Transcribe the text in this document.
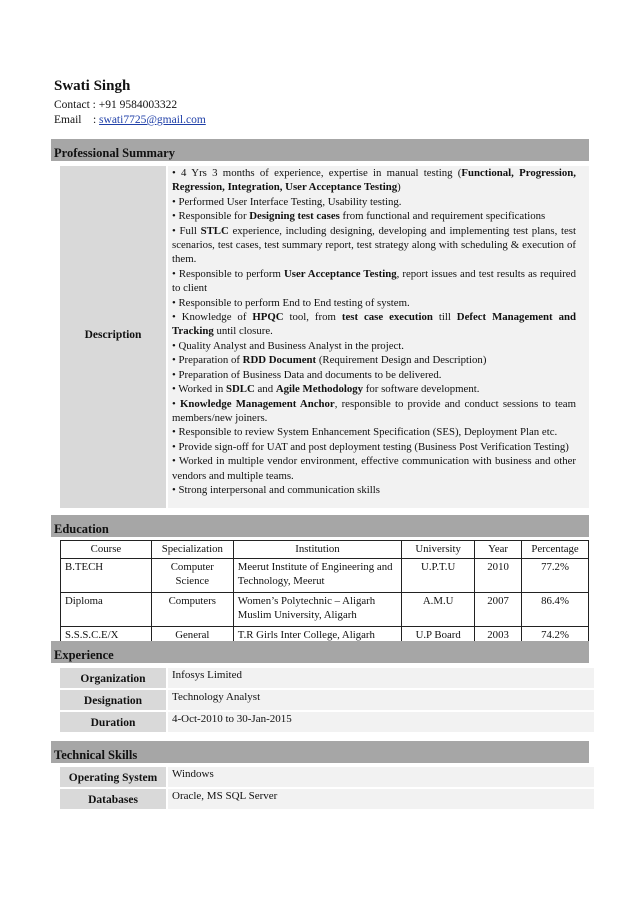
Swati Singh
Contact : +91 9584003322
Email    : swati7725@gmail.com
Professional Summary
Description

• 4 Yrs 3 months of experience, expertise in manual testing (Functional, Progression, Regression, Integration, User Acceptance Testing)

• Performed User Interface Testing, Usability testing.

• Responsible for Designing test cases from functional and requirement specifications

• Full STLC experience, including designing, developing and implementing test plans, test scenarios, test cases, test summary report, test strategy along with scheduling & execution of them.

• Responsible to perform User Acceptance Testing, report issues and test results as required to client

• Responsible to perform End to End testing of system.

• Knowledge of HPQC tool, from test case execution till Defect Management and Tracking until closure.

• Quality Analyst and Business Analyst in the project.

• Preparation of RDD Document (Requirement Design and Description)

• Preparation of Business Data and documents to be delivered.

• Worked in SDLC and Agile Methodology for software development.

• Knowledge Management Anchor, responsible to provide and conduct sessions to team members/new joiners.

• Responsible to review System Enhancement Specification (SES), Deployment Plan etc.

• Provide sign-off for UAT and post deployment testing (Business Post Verification Testing)

• Worked in multiple vendor environment, effective communication with business and other vendors and multiple teams.

• Strong interpersonal and communication skills

Education
Course	Specialization	Institution	University	Year	Percentage
B.TECH	Computer Science	Meerut Institute of Engineering and Technology, Meerut	U.P.T.U	2010	77.2%
Diploma	Computers	Women’s Polytechnic – Aligarh Muslim University, Aligarh	A.M.U	2007	86.4%
S.S.S.C.E/X	General	T.R Girls Inter College, Aligarh	U.P Board	2003	74.2%
Experience
Organization	Infosys Limited
Designation	Technology Analyst
Duration	4-Oct-2010 to 30-Jan-2015
Technical Skills
Operating System	Windows
Databases	Oracle, MS SQL Server
